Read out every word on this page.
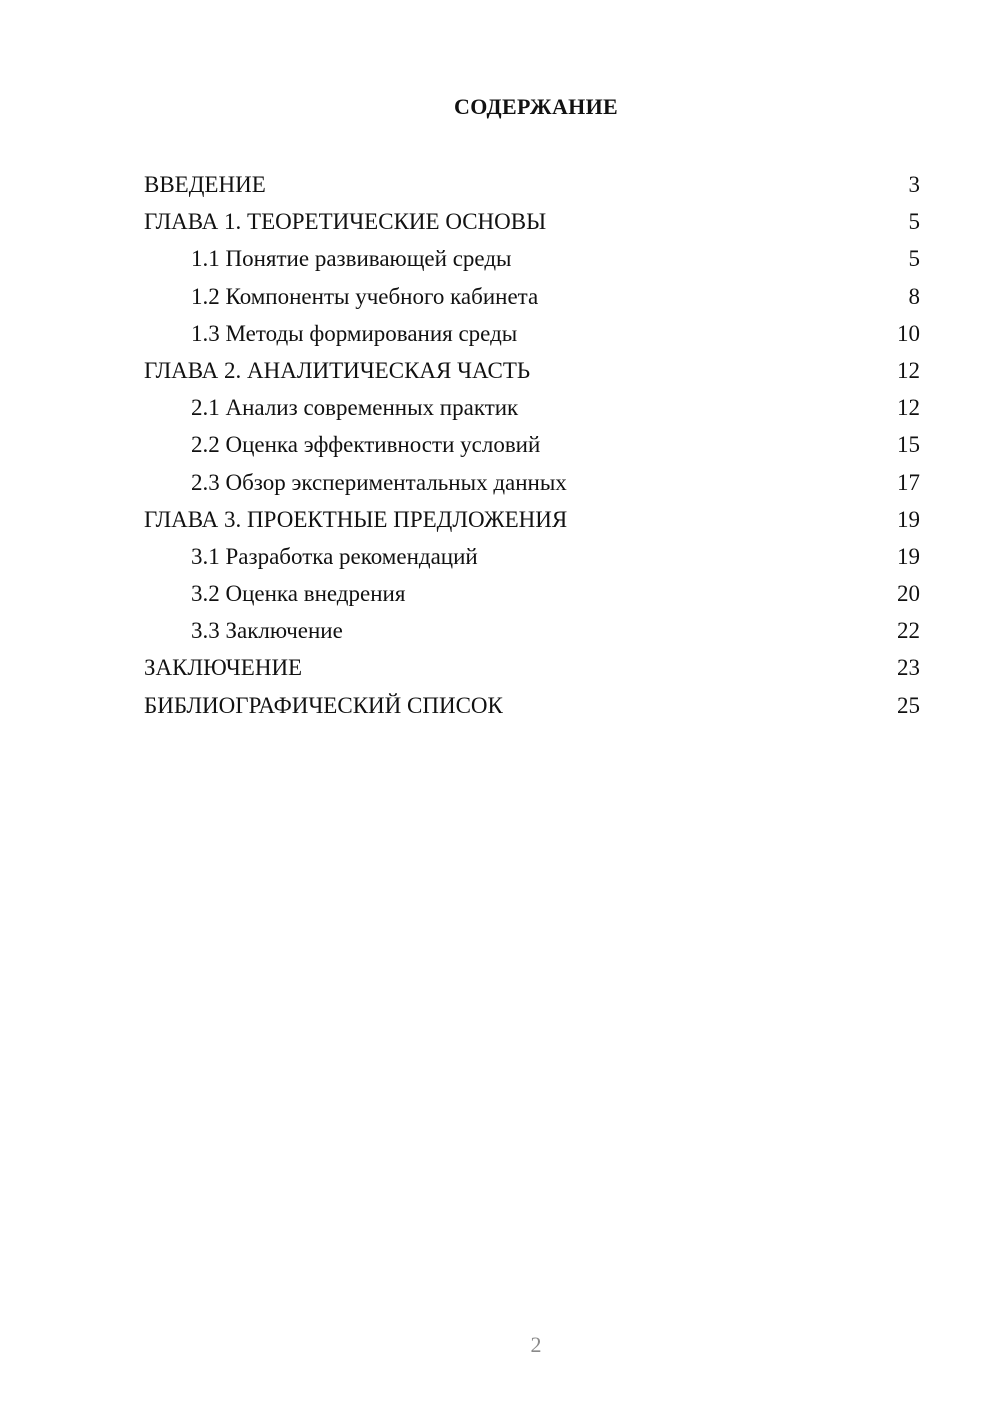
СОДЕРЖАНИЕ
ВВЕДЕНИЕ	3
ГЛАВА 1. ТЕОРЕТИЧЕСКИЕ ОСНОВЫ	5
1.1 Понятие развивающей среды	5
1.2 Компоненты учебного кабинета	8
1.3 Методы формирования среды	10
ГЛАВА 2. АНАЛИТИЧЕСКАЯ ЧАСТЬ	12
2.1 Анализ современных практик	12
2.2 Оценка эффективности условий	15
2.3 Обзор экспериментальных данных	17
ГЛАВА 3. ПРОЕКТНЫЕ ПРЕДЛОЖЕНИЯ	19
3.1 Разработка рекомендаций	19
3.2 Оценка внедрения	20
3.3 Заключение	22
ЗАКЛЮЧЕНИЕ	23
БИБЛИОГРАФИЧЕСКИЙ СПИСОК	25
2
